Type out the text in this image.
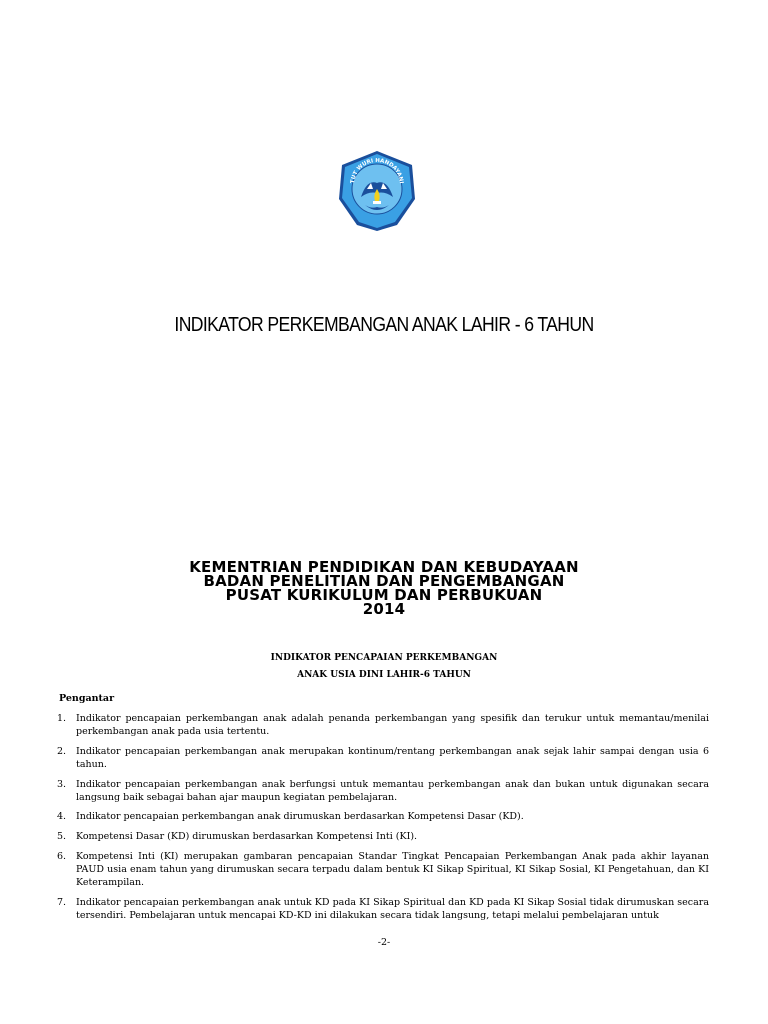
TUT WURI HANDAYANI
INDIKATOR PERKEMBANGAN ANAK LAHIR - 6 TAHUN
KEMENTRIAN PENDIDIKAN DAN KEBUDAYAAN
BADAN PENELITIAN DAN PENGEMBANGAN
PUSAT KURIKULUM DAN PERBUKUAN
2014
INDIKATOR PENCAPAIAN PERKEMBANGAN
ANAK USIA DINI LAHIR-6 TAHUN
Pengantar
1. Indikator pencapaian perkembangan anak adalah penanda perkembangan yang spesifik dan terukur untuk memantau/menilai perkembangan anak pada usia tertentu.
2. Indikator pencapaian perkembangan anak merupakan kontinum/rentang perkembangan anak sejak lahir sampai dengan usia 6 tahun.
3. Indikator pencapaian perkembangan anak berfungsi untuk memantau perkembangan anak dan bukan untuk digunakan secara langsung baik sebagai bahan ajar maupun kegiatan pembelajaran.
4. Indikator pencapaian perkembangan anak dirumuskan berdasarkan Kompetensi Dasar (KD).
5. Kompetensi Dasar (KD) dirumuskan berdasarkan Kompetensi Inti (KI).
6. Kompetensi Inti (KI) merupakan gambaran pencapaian Standar Tingkat Pencapaian Perkembangan Anak pada akhir layanan PAUD usia enam tahun yang dirumuskan secara terpadu dalam bentuk KI Sikap Spiritual, KI Sikap Sosial, KI Pengetahuan, dan KI Keterampilan.
7. Indikator pencapaian perkembangan anak untuk KD pada KI Sikap Spiritual dan KD pada KI Sikap Sosial tidak dirumuskan secara tersendiri. Pembelajaran untuk mencapai KD-KD ini dilakukan secara tidak langsung, tetapi melalui pembelajaran untuk
-2-
